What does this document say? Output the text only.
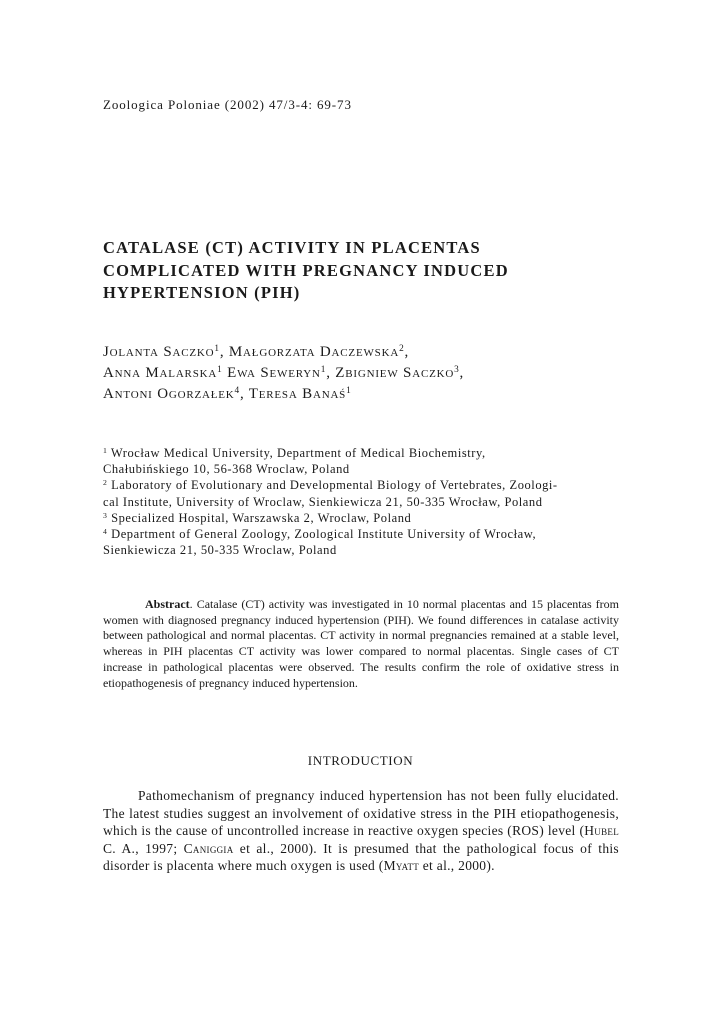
Zoologica Poloniae (2002) 47/3-4: 69-73
CATALASE (CT) ACTIVITY IN PLACENTAS
COMPLICATED WITH PREGNANCY INDUCED
HYPERTENSION (PIH)
Jolanta Saczko$^1$, Małgorzata Daczewska$^2$,
Anna Malarska$^1$ Ewa Seweryn$^1$, Zbigniew Saczko$^3$,
Antoni Ogorzałek$^4$, Teresa Banaś$^1$
$^1$ Wrocław Medical University, Department of Medical Biochemistry,
Chałubińskiego 10, 56-368 Wroclaw, Poland
$^2$ Laboratory of Evolutionary and Developmental Biology of Vertebrates, Zoologi-
cal Institute, University of Wroclaw, Sienkiewicza 21, 50-335 Wrocław, Poland
$^3$ Specialized Hospital, Warszawska 2, Wroclaw, Poland
$^4$ Department of General Zoology, Zoological Institute University of Wrocław,
Sienkiewicza 21, 50-335 Wroclaw, Poland

Abstract. Catalase (CT) activity was investigated in 10 normal placentas and 15 placentas from women with diagnosed pregnancy induced hypertension (PIH). We found differences in catalase activity between pathological and normal placentas. CT activity in normal pregnancies remained at a stable level, whereas in PIH placentas CT activity was lower compared to normal placentas. Single cases of CT increase in pathological placentas were observed. The results confirm the role of oxidative stress in etiopathogenesis of pregnancy induced hypertension.

INTRODUCTION

Pathomechanism of pregnancy induced hypertension has not been fully elucidated. The latest studies suggest an involvement of oxidative stress in the PIH etiopathogenesis, which is the cause of uncontrolled increase in reactive oxygen species (ROS) level (Hubel C. A., 1997; Caniggia et al., 2000). It is presumed that the pathological focus of this disorder is placenta where much oxygen is used (Myatt et al., 2000).
